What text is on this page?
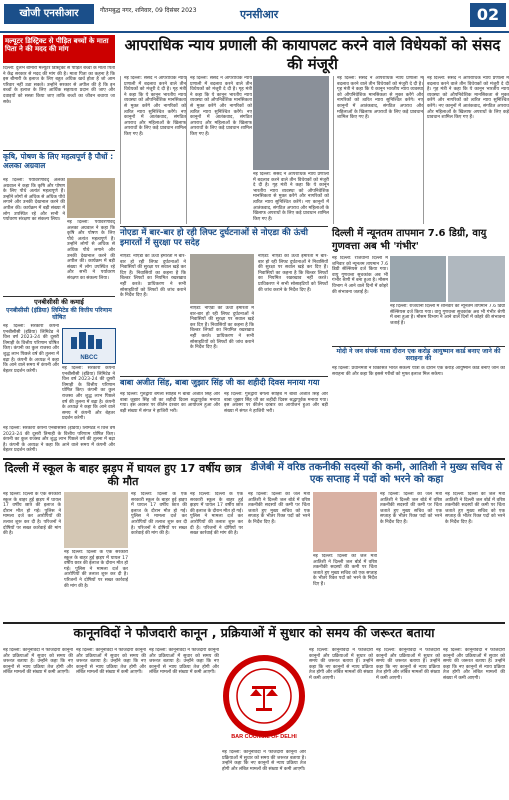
खोजी एनसीआर	गौतमबुद्ध नगर, शनिवार, 09 दिसंबर 2023	एनसीआर	02
मल्यूटर डिस्ट्रिक्ट से पीड़ित बच्चों के माता पिता ने की मदद की मांग
दिल्ली: दुर्लभ बीमारी मल्यूटर डिस्ट्रिक्ट से पीड़ित बच्चों के माता पिता ने केंद्र सरकार से मदद की मांग की है। माता पिता का कहना है कि इस बीमारी के इलाज के लिए बहुत अधिक खर्च होता है जो आम परिवार नहीं उठा सकते। उन्होंने सरकार से अपील की है कि इन बच्चों के इलाज के लिए आर्थिक सहायता प्रदान की जाए और दवाइयों को सस्ता किया जाए ताकि बच्चों का जीवन बचाया जा सके।
कृषि, पोषण के लिए महत्वपूर्ण है पौधों : अलका अग्रवाल
नई दिल्ली: पर्यावरणविद् अलका अग्रवाल ने कहा कि कृषि और पोषण के लिए पौधे अत्यंत महत्वपूर्ण हैं। उन्होंने लोगों से अधिक से अधिक पौधे लगाने और उनकी देखभाल करने की अपील की। कार्यक्रम में बड़ी संख्या में लोग उपस्थित रहे और सभी ने पर्यावरण संरक्षण का संकल्प लिया।
नई दिल्ली: पर्यावरणविद् अलका अग्रवाल ने कहा कि कृषि और पोषण के लिए पौधे अत्यंत महत्वपूर्ण हैं। उन्होंने लोगों से अधिक से अधिक पौधे लगाने और उनकी देखभाल करने की अपील की। कार्यक्रम में बड़ी संख्या में लोग उपस्थित रहे और सभी ने पर्यावरण संरक्षण का संकल्प लिया।
एनबीसीसी की कमाई
एनबीसीसी (इंडिया) लिमिटेड की वित्तीय परिणाम घोषित
नई दिल्ली: सरकारी कंपनी एनबीसीसी (इंडिया) लिमिटेड ने वित्त वर्ष 2023-24 की दूसरी तिमाही के वित्तीय परिणाम घोषित किए। कंपनी का कुल राजस्व और शुद्ध लाभ पिछले वर्ष की तुलना में बढ़ा है। कंपनी के अध्यक्ष ने कहा कि आने वाले समय में कंपनी और बेहतर प्रदर्शन करेगी।
NBCC
नई दिल्ली: सरकारी कंपनी एनबीसीसी (इंडिया) लिमिटेड ने वित्त वर्ष 2023-24 की दूसरी तिमाही के वित्तीय परिणाम घोषित किए। कंपनी का कुल राजस्व और शुद्ध लाभ पिछले वर्ष की तुलना में बढ़ा है। कंपनी के अध्यक्ष ने कहा कि आने वाले समय में कंपनी और बेहतर प्रदर्शन करेगी।
आपराधिक न्याय प्रणाली की कायापलट करने वाले विधेयकों को संसद की मंजूरी
नई दिल्ली: संसद ने आपराधिक न्याय प्रणाली में बदलाव करने वाले तीन विधेयकों को मंजूरी दे दी है। गृह मंत्री ने कहा कि ये कानून भारतीय न्याय व्यवस्था को औपनिवेशिक मानसिकता से मुक्त करेंगे और नागरिकों को त्वरित न्याय सुनिश्चित करेंगे। नए कानूनों में आतंकवाद, संगठित अपराध और महिलाओं के खिलाफ अपराधों के लिए कड़े प्रावधान शामिल किए गए हैं।
नई दिल्ली: संसद ने आपराधिक न्याय प्रणाली में बदलाव करने वाले तीन विधेयकों को मंजूरी दे दी है। गृह मंत्री ने कहा कि ये कानून भारतीय न्याय व्यवस्था को औपनिवेशिक मानसिकता से मुक्त करेंगे और नागरिकों को त्वरित न्याय सुनिश्चित करेंगे। नए कानूनों में आतंकवाद, संगठित अपराध और महिलाओं के खिलाफ अपराधों के लिए कड़े प्रावधान शामिल किए गए हैं।
नई दिल्ली: संसद ने आपराधिक न्याय प्रणाली में बदलाव करने वाले तीन विधेयकों को मंजूरी दे दी है। गृह मंत्री ने कहा कि ये कानून भारतीय न्याय व्यवस्था को औपनिवेशिक मानसिकता से मुक्त करेंगे और नागरिकों को त्वरित न्याय सुनिश्चित करेंगे। नए कानूनों में आतंकवाद, संगठित अपराध और महिलाओं के खिलाफ अपराधों के लिए कड़े प्रावधान शामिल किए गए हैं।
नई दिल्ली: संसद ने आपराधिक न्याय प्रणाली में बदलाव करने वाले तीन विधेयकों को मंजूरी दे दी है। गृह मंत्री ने कहा कि ये कानून भारतीय न्याय व्यवस्था को औपनिवेशिक मानसिकता से मुक्त करेंगे और नागरिकों को त्वरित न्याय सुनिश्चित करेंगे। नए कानूनों में आतंकवाद, संगठित अपराध और महिलाओं के खिलाफ अपराधों के लिए कड़े प्रावधान शामिल किए गए हैं।
नई दिल्ली: संसद ने आपराधिक न्याय प्रणाली में बदलाव करने वाले तीन विधेयकों को मंजूरी दे दी है। गृह मंत्री ने कहा कि ये कानून भारतीय न्याय व्यवस्था को औपनिवेशिक मानसिकता से मुक्त करेंगे और नागरिकों को त्वरित न्याय सुनिश्चित करेंगे। नए कानूनों में आतंकवाद, संगठित अपराध और महिलाओं के खिलाफ अपराधों के लिए कड़े प्रावधान शामिल किए गए हैं।
नोएडा में बार-बार हो रही लिफ्ट दुर्घटनाओं से नोएडा की ऊंची इमारतों में सुरक्षा पर सदेह
नोएडा: नोएडा की ऊंची इमारतों में बार-बार हो रही लिफ्ट दुर्घटनाओं ने निवासियों की सुरक्षा पर सवाल खड़े कर दिए हैं। निवासियों का कहना है कि बिल्डर लिफ्टों का नियमित रखरखाव नहीं करते। प्राधिकरण ने सभी सोसाइटियों को लिफ्टों की जांच कराने के निर्देश दिए हैं।
नोएडा: नोएडा की ऊंची इमारतों में बार-बार हो रही लिफ्ट दुर्घटनाओं ने निवासियों की सुरक्षा पर सवाल खड़े कर दिए हैं। निवासियों का कहना है कि बिल्डर लिफ्टों का नियमित रखरखाव नहीं करते। प्राधिकरण ने सभी सोसाइटियों को लिफ्टों की जांच कराने के निर्देश दिए हैं।
नोएडा: नोएडा की ऊंची इमारतों में बार-बार हो रही लिफ्ट दुर्घटनाओं ने निवासियों की सुरक्षा पर सवाल खड़े कर दिए हैं। निवासियों का कहना है कि बिल्डर लिफ्टों का नियमित रखरखाव नहीं करते। प्राधिकरण ने सभी सोसाइटियों को लिफ्टों की जांच कराने के निर्देश दिए हैं।
दिल्ली में न्यूनतम तापमान 7.6 डिग्री, वायु गुणवत्ता अब भी 'गंभीर'
नई दिल्ली: राजधानी दिल्ली में शनिवार को न्यूनतम तापमान 7.6 डिग्री सेल्सियस दर्ज किया गया। वायु गुणवत्ता सूचकांक अब भी गंभीर श्रेणी में बना हुआ है। मौसम विभाग ने आने वाले दिनों में कोहरे की संभावना जताई है।
नई दिल्ली: राजधानी दिल्ली में शनिवार को न्यूनतम तापमान 7.6 डिग्री सेल्सियस दर्ज किया गया। वायु गुणवत्ता सूचकांक अब भी गंभीर श्रेणी में बना हुआ है। मौसम विभाग ने आने वाले दिनों में कोहरे की संभावना जताई है।
मोदी ने जन संपर्क यात्रा दौरान एक करोड़ आयुष्मान कार्ड बनाए जाने की सराहना की
नई दिल्ली: प्रधानमंत्री ने विकसित भारत संकल्प यात्रा के दौरान एक करोड़ आयुष्मान कार्ड बनाए जाने की सराहना की और कहा कि इससे गरीबों को मुफ्त इलाज मिल सकेगा।
बाबा अजीत सिंह, बाबा जुझार सिंह जी का शहीदी दिवस मनाया गया
नई दिल्ली: गुरुद्वारा बंगला साहिब में बाबा अजीत सिंह और बाबा जुझार सिंह जी का शहीदी दिवस श्रद्धापूर्वक मनाया गया। इस अवसर पर कीर्तन दरबार का आयोजन हुआ और बड़ी संख्या में संगत ने हाजिरी भरी।
नई दिल्ली: गुरुद्वारा बंगला साहिब में बाबा अजीत सिंह और बाबा जुझार सिंह जी का शहीदी दिवस श्रद्धापूर्वक मनाया गया। इस अवसर पर कीर्तन दरबार का आयोजन हुआ और बड़ी संख्या में संगत ने हाजिरी भरी।
नई दिल्ली: सरकारी कंपनी एनबीसीसी (इंडिया) लिमिटेड ने वित्त वर्ष 2023-24 की दूसरी तिमाही के वित्तीय परिणाम घोषित किए। कंपनी का कुल राजस्व और शुद्ध लाभ पिछले वर्ष की तुलना में बढ़ा है। कंपनी के अध्यक्ष ने कहा कि आने वाले समय में कंपनी और बेहतर प्रदर्शन करेगी।
दिल्ली में स्कूल के बाहर झड़प में घायल हुए 17 वर्षीय छात्र की मौत
नई दिल्ली: दिल्ली के एक सरकारी स्कूल के बाहर हुई झड़प में घायल 17 वर्षीय छात्र की इलाज के दौरान मौत हो गई। पुलिस ने मामला दर्ज कर आरोपियों की तलाश शुरू कर दी है। परिजनों ने दोषियों पर सख्त कार्रवाई की मांग की है।
नई दिल्ली: दिल्ली के एक सरकारी स्कूल के बाहर हुई झड़प में घायल 17 वर्षीय छात्र की इलाज के दौरान मौत हो गई। पुलिस ने मामला दर्ज कर आरोपियों की तलाश शुरू कर दी है। परिजनों ने दोषियों पर सख्त कार्रवाई की मांग की है।
नई दिल्ली: दिल्ली के एक सरकारी स्कूल के बाहर हुई झड़प में घायल 17 वर्षीय छात्र की इलाज के दौरान मौत हो गई। पुलिस ने मामला दर्ज कर आरोपियों की तलाश शुरू कर दी है। परिजनों ने दोषियों पर सख्त कार्रवाई की मांग की है।
नई दिल्ली: दिल्ली के एक सरकारी स्कूल के बाहर हुई झड़प में घायल 17 वर्षीय छात्र की इलाज के दौरान मौत हो गई। पुलिस ने मामला दर्ज कर आरोपियों की तलाश शुरू कर दी है। परिजनों ने दोषियों पर सख्त कार्रवाई की मांग की है।
डीजेबी में वरिष्ठ तकनीकी सदस्यों की कमी, आतिशी ने मुख्य सचिव से एक सप्ताह में पदों को भरने को कहा
नई दिल्ली: दिल्ली की जल मंत्री आतिशी ने दिल्ली जल बोर्ड में वरिष्ठ तकनीकी सदस्यों की कमी पर चिंता जताते हुए मुख्य सचिव को एक सप्ताह के भीतर रिक्त पदों को भरने के निर्देश दिए हैं।
नई दिल्ली: दिल्ली की जल मंत्री आतिशी ने दिल्ली जल बोर्ड में वरिष्ठ तकनीकी सदस्यों की कमी पर चिंता जताते हुए मुख्य सचिव को एक सप्ताह के भीतर रिक्त पदों को भरने के निर्देश दिए हैं।
नई दिल्ली: दिल्ली की जल मंत्री आतिशी ने दिल्ली जल बोर्ड में वरिष्ठ तकनीकी सदस्यों की कमी पर चिंता जताते हुए मुख्य सचिव को एक सप्ताह के भीतर रिक्त पदों को भरने के निर्देश दिए हैं।
नई दिल्ली: दिल्ली की जल मंत्री आतिशी ने दिल्ली जल बोर्ड में वरिष्ठ तकनीकी सदस्यों की कमी पर चिंता जताते हुए मुख्य सचिव को एक सप्ताह के भीतर रिक्त पदों को भरने के निर्देश दिए हैं।
कानूनविदों ने फौजदारी कानून , प्रक्रियाओं में सुधार को समय की जरूरत बताया
नई दिल्ली: कानूनविदों ने फौजदारी कानूनों और प्रक्रियाओं में सुधार को समय की जरूरत बताया है। उन्होंने कहा कि नए कानूनों से न्याय प्रक्रिया तेज होगी और लंबित मामलों की संख्या में कमी आएगी।
नई दिल्ली: कानूनविदों ने फौजदारी कानूनों और प्रक्रियाओं में सुधार को समय की जरूरत बताया है। उन्होंने कहा कि नए कानूनों से न्याय प्रक्रिया तेज होगी और लंबित मामलों की संख्या में कमी आएगी।
नई दिल्ली: कानूनविदों ने फौजदारी कानूनों और प्रक्रियाओं में सुधार को समय की जरूरत बताया है। उन्होंने कहा कि नए कानूनों से न्याय प्रक्रिया तेज होगी और लंबित मामलों की संख्या में कमी आएगी।
BAR COUNCIL OF DELHI
नई दिल्ली: कानूनविदों ने फौजदारी कानूनों और प्रक्रियाओं में सुधार को समय की जरूरत बताया है। उन्होंने कहा कि नए कानूनों से न्याय प्रक्रिया तेज होगी और लंबित मामलों की संख्या में कमी आएगी।
नई दिल्ली: कानूनविदों ने फौजदारी कानूनों और प्रक्रियाओं में सुधार को समय की जरूरत बताया है। उन्होंने कहा कि नए कानूनों से न्याय प्रक्रिया तेज होगी और लंबित मामलों की संख्या में कमी आएगी।
नई दिल्ली: कानूनविदों ने फौजदारी कानूनों और प्रक्रियाओं में सुधार को समय की जरूरत बताया है। उन्होंने कहा कि नए कानूनों से न्याय प्रक्रिया तेज होगी और लंबित मामलों की संख्या में कमी आएगी।
नई दिल्ली: कानूनविदों ने फौजदारी कानूनों और प्रक्रियाओं में सुधार को समय की जरूरत बताया है। उन्होंने कहा कि नए कानूनों से न्याय प्रक्रिया तेज होगी और लंबित मामलों की संख्या में कमी आएगी।
